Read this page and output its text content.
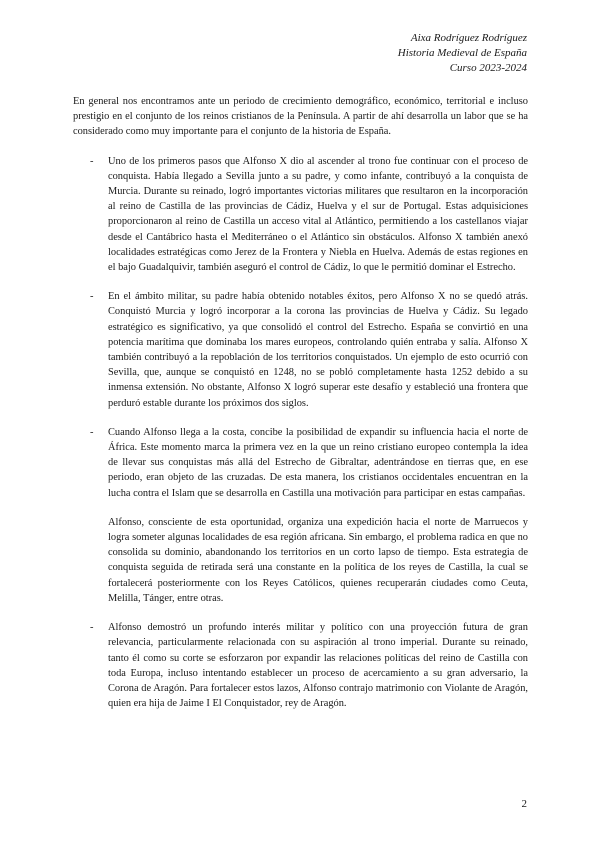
Aixa Rodríguez Rodríguez
Historia Medieval de España
Curso 2023-2024

En general nos encontramos ante un periodo de crecimiento demográfico, económico, territorial e incluso prestigio en el conjunto de los reinos cristianos de la Península. A partir de ahí desarrolla un labor que se ha considerado como muy importante para el conjunto de la historia de España.

- Uno de los primeros pasos que Alfonso X dio al ascender al trono fue continuar con el proceso de conquista. Había llegado a Sevilla junto a su padre, y como infante, contribuyó a la conquista de Murcia. Durante su reinado, logró importantes victorias militares que resultaron en la incorporación al reino de Castilla de las provincias de Cádiz, Huelva y el sur de Portugal. Estas adquisiciones proporcionaron al reino de Castilla un acceso vital al Atlántico, permitiendo a los castellanos viajar desde el Cantábrico hasta el Mediterráneo o el Atlántico sin obstáculos. Alfonso X también anexó localidades estratégicas como Jerez de la Frontera y Niebla en Huelva. Además de estas regiones en el bajo Guadalquivir, también aseguró el control de Cádiz, lo que le permitió dominar el Estrecho.

- En el ámbito militar, su padre había obtenido notables éxitos, pero Alfonso X no se quedó atrás. Conquistó Murcia y logró incorporar a la corona las provincias de Huelva y Cádiz. Su legado estratégico es significativo, ya que consolidó el control del Estrecho. España se convirtió en una potencia marítima que dominaba los mares europeos, controlando quién entraba y salía. Alfonso X también contribuyó a la repoblación de los territorios conquistados. Un ejemplo de esto ocurrió con Sevilla, que, aunque se conquistó en 1248, no se pobló completamente hasta 1252 debido a su inmensa extensión. No obstante, Alfonso X logró superar este desafío y estableció una frontera que perduró estable durante los próximos dos siglos.

- Cuando Alfonso llega a la costa, concibe la posibilidad de expandir su influencia hacia el norte de África. Este momento marca la primera vez en la que un reino cristiano europeo contempla la idea de llevar sus conquistas más allá del Estrecho de Gibraltar, adentrándose en tierras que, en ese periodo, eran objeto de las cruzadas. De esta manera, los cristianos occidentales encuentran en la lucha contra el Islam que se desarrolla en Castilla una motivación para participar en estas campañas.

Alfonso, consciente de esta oportunidad, organiza una expedición hacia el norte de Marruecos y logra someter algunas localidades de esa región africana. Sin embargo, el problema radica en que no consolida su dominio, abandonando los territorios en un corto lapso de tiempo. Esta estrategia de conquista seguida de retirada será una constante en la política de los reyes de Castilla, la cual se fortalecerá posteriormente con los Reyes Católicos, quienes recuperarán ciudades como Ceuta, Melilla, Tánger, entre otras.

- Alfonso demostró un profundo interés militar y político con una proyección futura de gran relevancia, particularmente relacionada con su aspiración al trono imperial. Durante su reinado, tanto él como su corte se esforzaron por expandir las relaciones políticas del reino de Castilla con toda Europa, incluso intentando establecer un proceso de acercamiento a su gran adversario, la Corona de Aragón. Para fortalecer estos lazos, Alfonso contrajo matrimonio con Violante de Aragón, quien era hija de Jaime I El Conquistador, rey de Aragón.

2
